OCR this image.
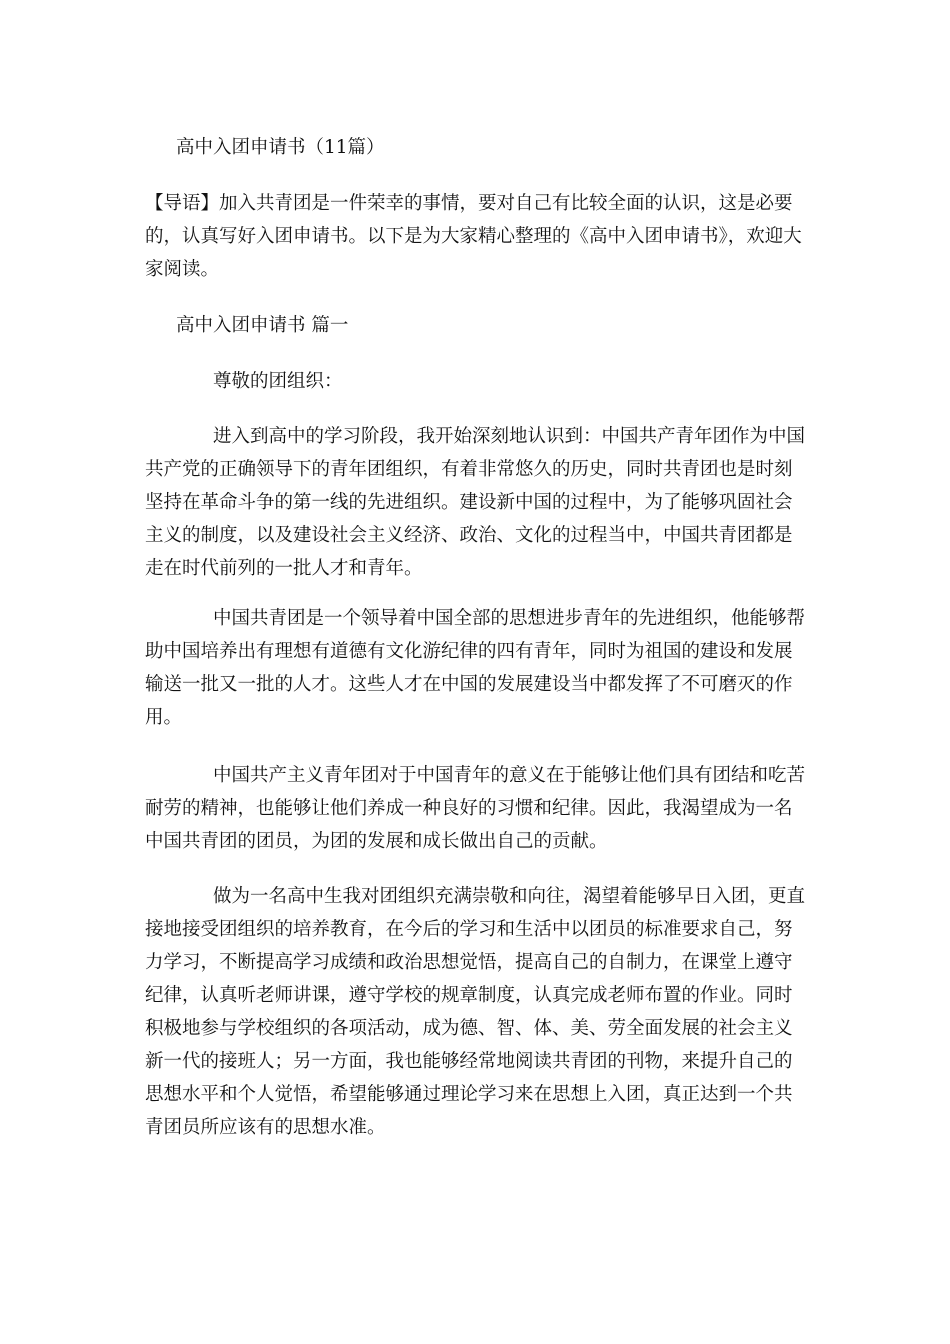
高中入团申请书（11篇）

【导语】加入共青团是一件荣幸的事情，要对自己有比较全面的认识，这是必要的，认真写好入团申请书。以下是为大家精心整理的《高中入团申请书》，欢迎大家阅读。

高中入团申请书 篇一

尊敬的团组织：

进入到高中的学习阶段，我开始深刻地认识到：中国共产青年团作为中国共产党的正确领导下的青年团组织，有着非常悠久的历史，同时共青团也是时刻坚持在革命斗争的第一线的先进组织。建设新中国的过程中，为了能够巩固社会主义的制度，以及建设社会主义经济、政治、文化的过程当中，中国共青团都是走在时代前列的一批人才和青年。

中国共青团是一个领导着中国全部的思想进步青年的先进组织，他能够帮助中国培养出有理想有道德有文化游纪律的四有青年，同时为祖国的建设和发展输送一批又一批的人才。这些人才在中国的发展建设当中都发挥了不可磨灭的作用。

中国共产主义青年团对于中国青年的意义在于能够让他们具有团结和吃苦耐劳的精神，也能够让他们养成一种良好的习惯和纪律。因此，我渴望成为一名中国共青团的团员，为团的发展和成长做出自己的贡献。

做为一名高中生我对团组织充满崇敬和向往，渴望着能够早日入团，更直接地接受团组织的培养教育，在今后的学习和生活中以团员的标准要求自己，努力学习，不断提高学习成绩和政治思想觉悟，提高自己的自制力，在课堂上遵守纪律，认真听老师讲课，遵守学校的规章制度，认真完成老师布置的作业。同时积极地参与学校组织的各项活动，成为德、智、体、美、劳全面发展的社会主义新一代的接班人；另一方面，我也能够经常地阅读共青团的刊物，来提升自己的思想水平和个人觉悟，希望能够通过理论学习来在思想上入团，真正达到一个共青团员所应该有的思想水准。
